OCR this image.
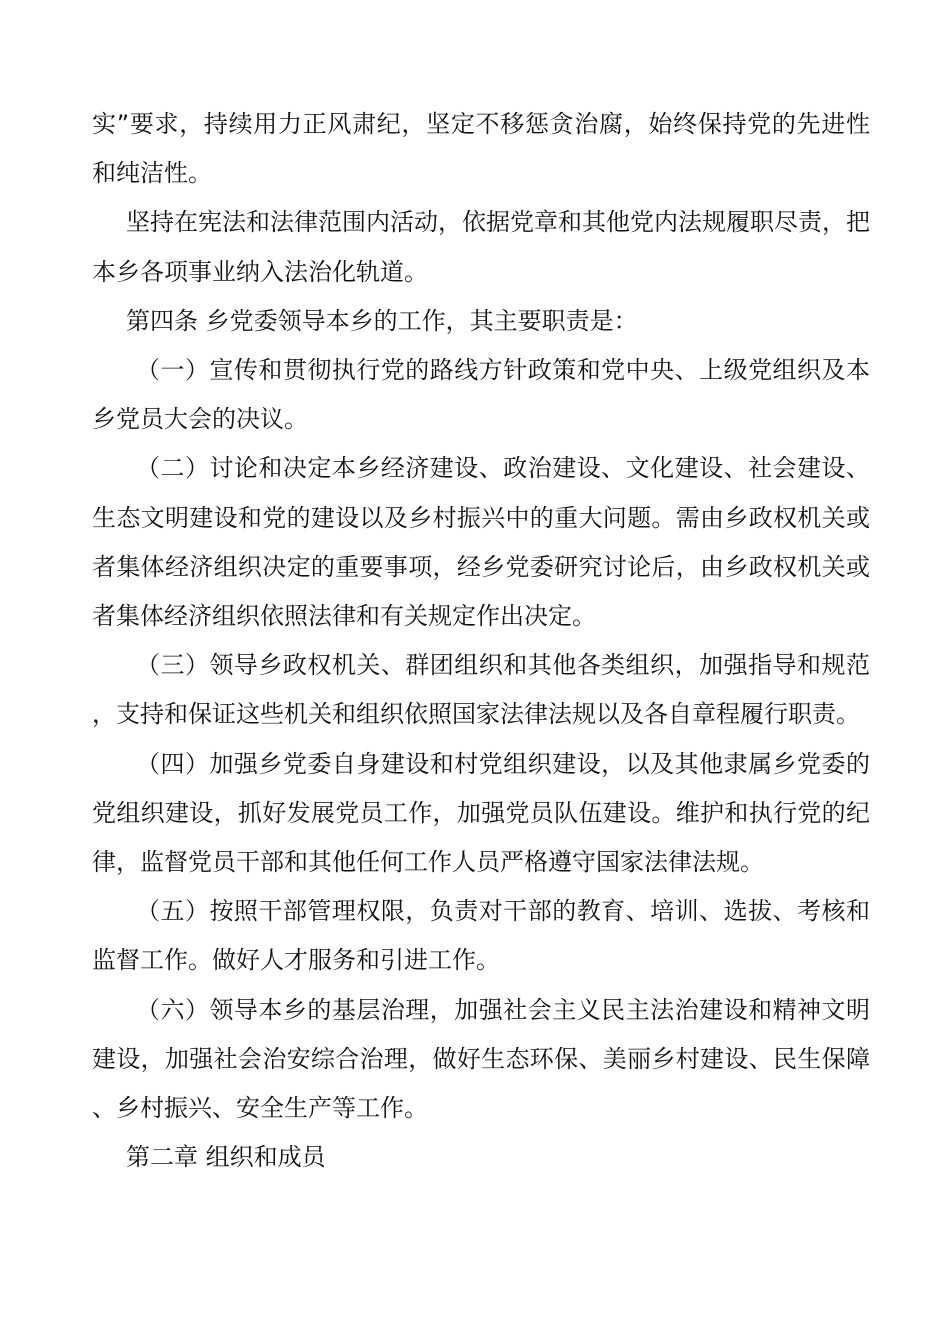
实”要求，持续用力正风肃纪，坚定不移惩贪治腐，始终保持党的先进性和纯洁性。

坚持在宪法和法律范围内活动，依据党章和其他党内法规履职尽责，把本乡各项事业纳入法治化轨道。

第四条 乡党委领导本乡的工作，其主要职责是：

（一）宣传和贯彻执行党的路线方针政策和党中央、上级党组织及本乡党员大会的决议。

（二）讨论和决定本乡经济建设、政治建设、文化建设、社会建设、生态文明建设和党的建设以及乡村振兴中的重大问题。需由乡政权机关或者集体经济组织决定的重要事项，经乡党委研究讨论后，由乡政权机关或者集体经济组织依照法律和有关规定作出决定。

（三）领导乡政权机关、群团组织和其他各类组织，加强指导和规范，支持和保证这些机关和组织依照国家法律法规以及各自章程履行职责。

（四）加强乡党委自身建设和村党组织建设，以及其他隶属乡党委的党组织建设，抓好发展党员工作，加强党员队伍建设。维护和执行党的纪律，监督党员干部和其他任何工作人员严格遵守国家法律法规。

（五）按照干部管理权限，负责对干部的教育、培训、选拔、考核和监督工作。做好人才服务和引进工作。

（六）领导本乡的基层治理，加强社会主义民主法治建设和精神文明建设，加强社会治安综合治理，做好生态环保、美丽乡村建设、民生保障、乡村振兴、安全生产等工作。

第二章 组织和成员
